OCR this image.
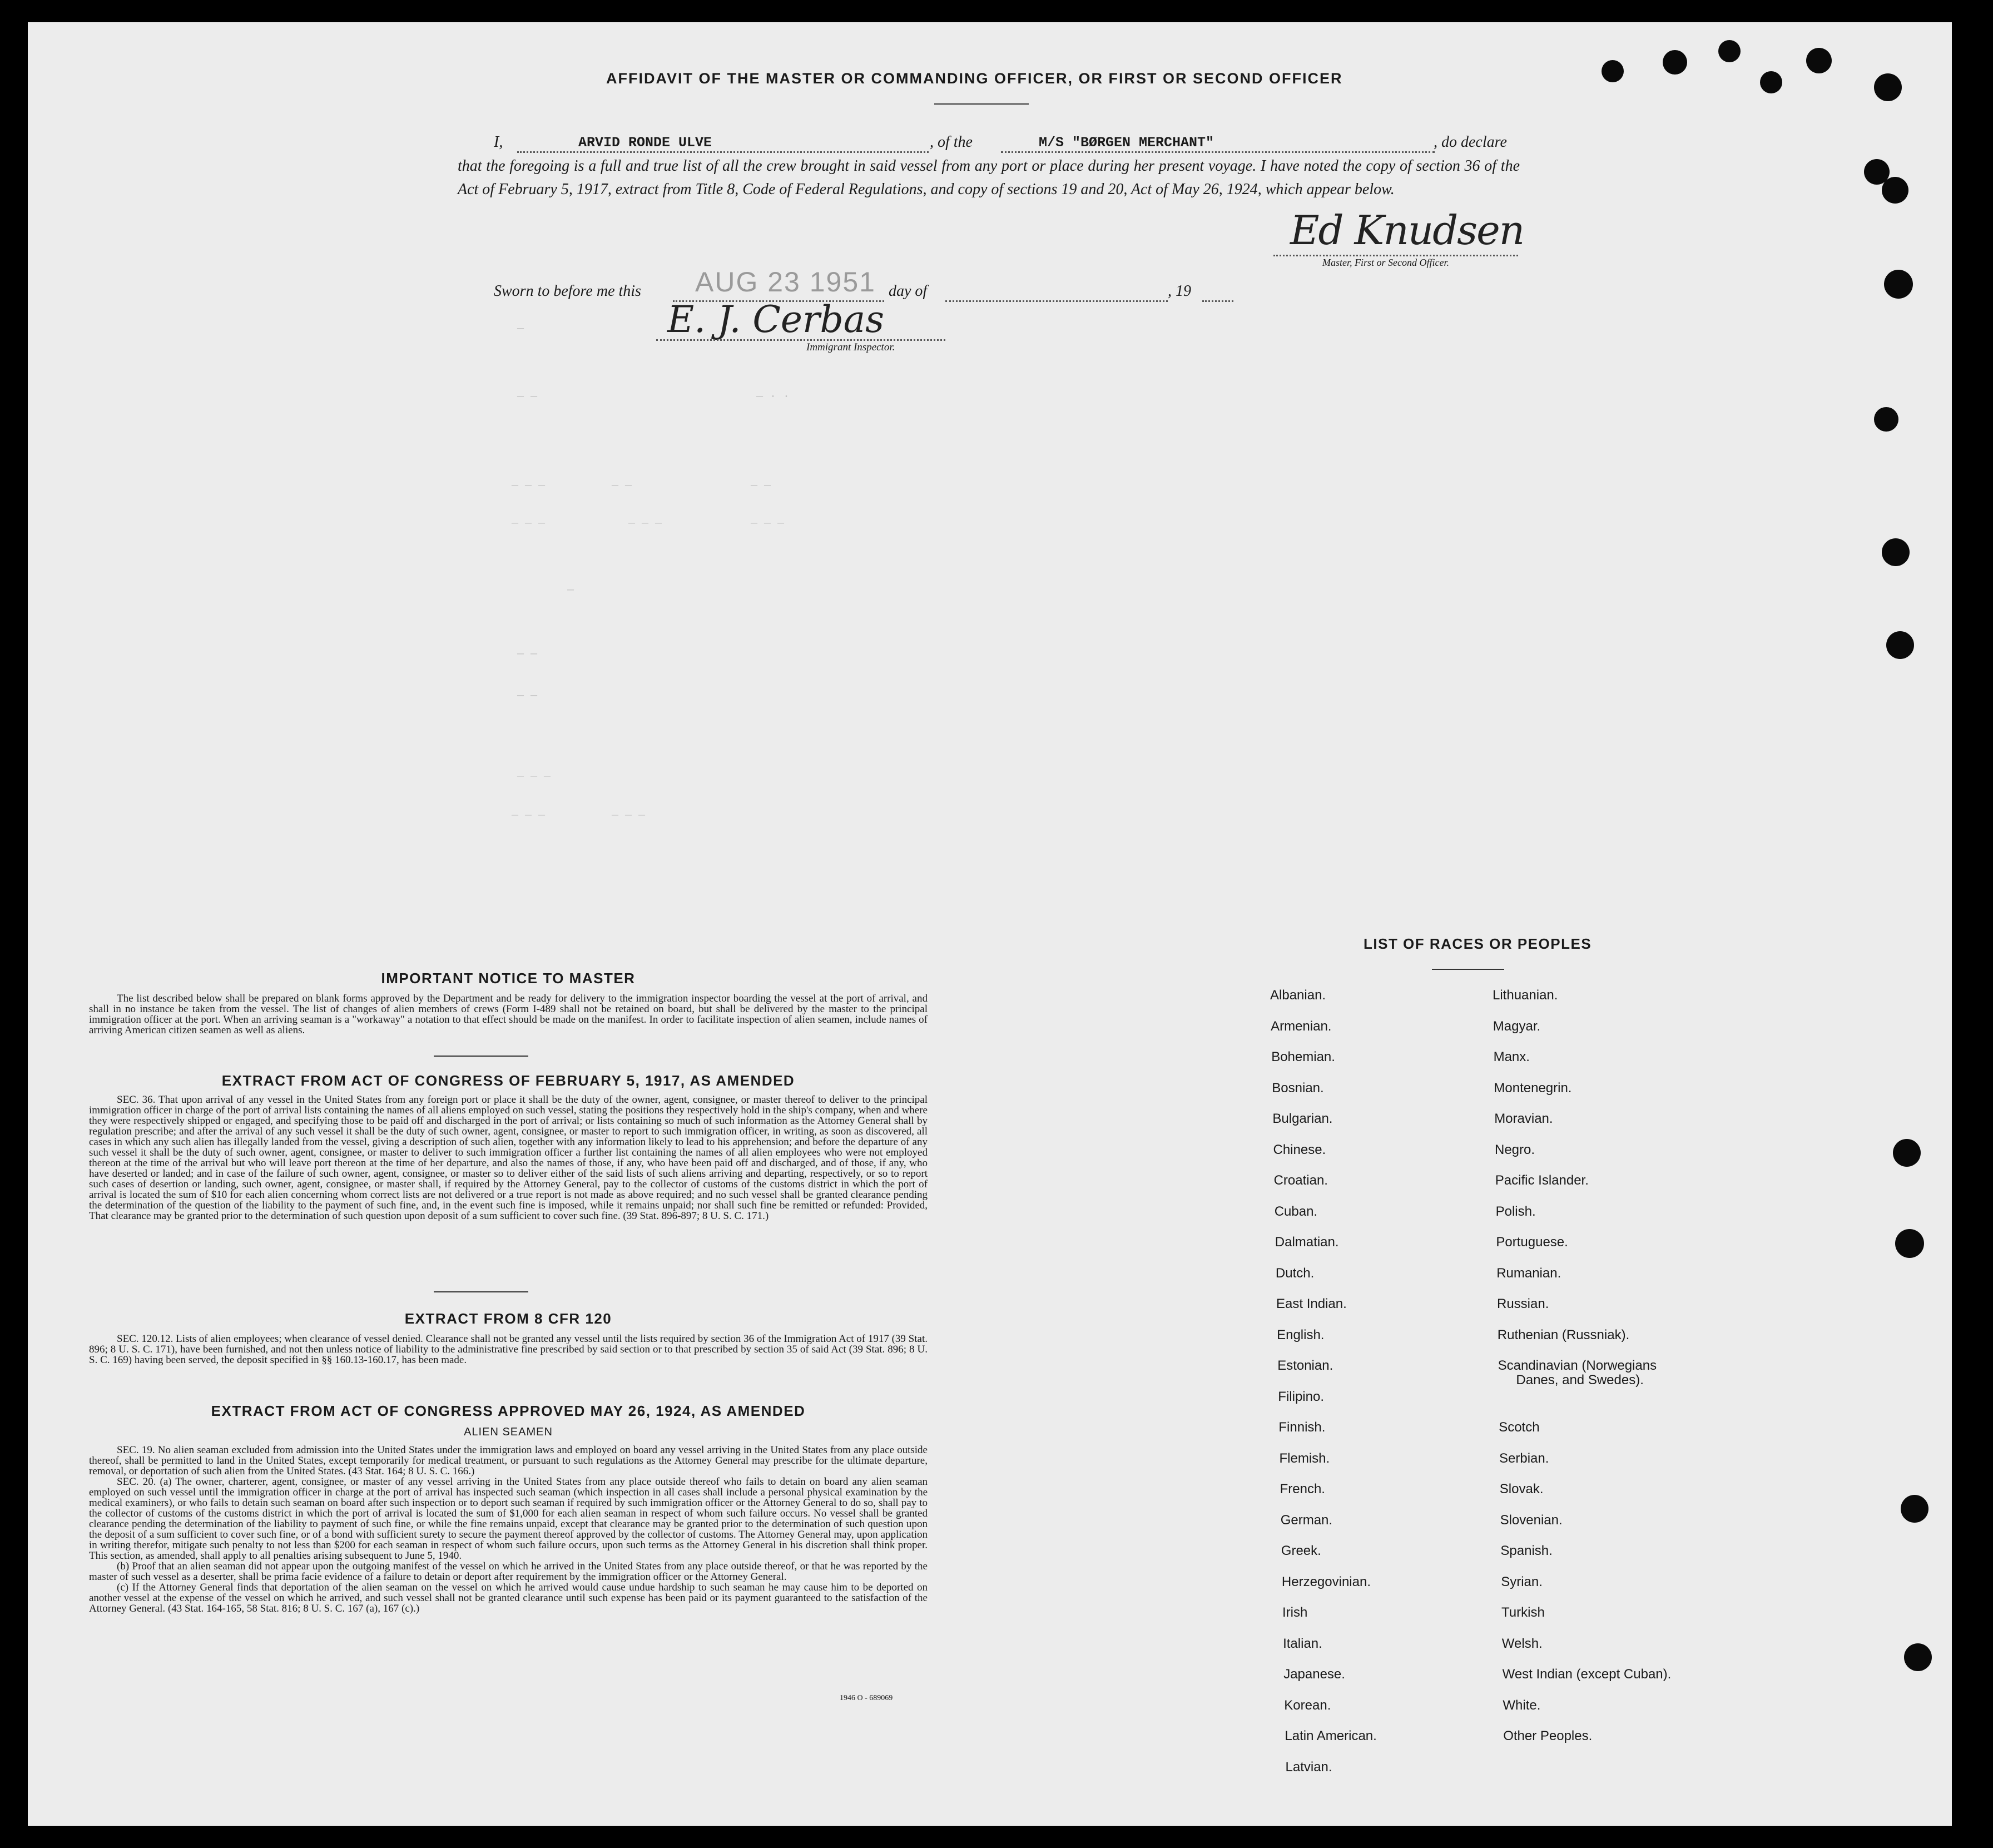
AFFIDAVIT OF THE MASTER OR COMMANDING OFFICER, OR FIRST OR SECOND OFFICER
I,	ARVID RONDE ULVE	, of the	M/S "BØRGEN MERCHANT"	, do declare
that the foregoing is a full and true list of all the crew brought in said vessel from any port or place during her present voyage. I have noted the copy of section 36 of the Act of February 5, 1917, extract from Title 8, Code of Federal Regulations, and copy of sections 19 and 20, Act of May 26, 1924, which appear below.
Ed Knudsen
Master, First or Second Officer.
Sworn to before me this AUG 23 1951 day of	, 19
E. J. Cerbas
Immigrant Inspector.
—
— —	— · ·
— — —	— —	— —
— — —	— — —	— — —
—
— —
— —
— — —
— — —	— — —
IMPORTANT NOTICE TO MASTER
The list described below shall be prepared on blank forms approved by the Department and be ready for delivery to the immigration inspector boarding the vessel at the port of arrival, and shall in no instance be taken from the vessel. The list of changes of alien members of crews (Form I-489 shall not be retained on board, but shall be delivered by the master to the principal immigration officer at the port. When an arriving seaman is a "workaway" a notation to that effect should be made on the manifest. In order to facilitate inspection of alien seamen, include names of arriving American citizen seamen as well as aliens.
EXTRACT FROM ACT OF CONGRESS OF FEBRUARY 5, 1917, AS AMENDED
SEC. 36. That upon arrival of any vessel in the United States from any foreign port or place it shall be the duty of the owner, agent, consignee, or master thereof to deliver to the principal immigration officer in charge of the port of arrival lists containing the names of all aliens employed on such vessel, stating the positions they respectively hold in the ship's company, when and where they were respectively shipped or engaged, and specifying those to be paid off and discharged in the port of arrival; or lists containing so much of such information as the Attorney General shall by regulation prescribe; and after the arrival of any such vessel it shall be the duty of such owner, agent, consignee, or master to report to such immigration officer, in writing, as soon as discovered, all cases in which any such alien has illegally landed from the vessel, giving a description of such alien, together with any information likely to lead to his apprehension; and before the departure of any such vessel it shall be the duty of such owner, agent, consignee, or master to deliver to such immigration officer a further list containing the names of all alien employees who were not employed thereon at the time of the arrival but who will leave port thereon at the time of her departure, and also the names of those, if any, who have been paid off and discharged, and of those, if any, who have deserted or landed; and in case of the failure of such owner, agent, consignee, or master so to deliver either of the said lists of such aliens arriving and departing, respectively, or so to report such cases of desertion or landing, such owner, agent, consignee, or master shall, if required by the Attorney General, pay to the collector of customs of the customs district in which the port of arrival is located the sum of $10 for each alien concerning whom correct lists are not delivered or a true report is not made as above required; and no such vessel shall be granted clearance pending the determination of the question of the liability to the payment of such fine, and, in the event such fine is imposed, while it remains unpaid; nor shall such fine be remitted or refunded: Provided, That clearance may be granted prior to the determination of such question upon deposit of a sum sufficient to cover such fine. (39 Stat. 896-897; 8 U. S. C. 171.)
EXTRACT FROM 8 CFR 120
SEC. 120.12. Lists of alien employees; when clearance of vessel denied. Clearance shall not be granted any vessel until the lists required by section 36 of the Immigration Act of 1917 (39 Stat. 896; 8 U. S. C. 171), have been furnished, and not then unless notice of liability to the administrative fine prescribed by said section or to that prescribed by section 35 of said Act (39 Stat. 896; 8 U. S. C. 169) having been served, the deposit specified in §§ 160.13-160.17, has been made.
EXTRACT FROM ACT OF CONGRESS APPROVED MAY 26, 1924, AS AMENDED
ALIEN SEAMEN
SEC. 19. No alien seaman excluded from admission into the United States under the immigration laws and employed on board any vessel arriving in the United States from any place outside thereof, shall be permitted to land in the United States, except temporarily for medical treatment, or pursuant to such regulations as the Attorney General may prescribe for the ultimate departure, removal, or deportation of such alien from the United States. (43 Stat. 164; 8 U. S. C. 166.)
SEC. 20. (a) The owner, charterer, agent, consignee, or master of any vessel arriving in the United States from any place outside thereof who fails to detain on board any alien seaman employed on such vessel until the immigration officer in charge at the port of arrival has inspected such seaman (which inspection in all cases shall include a personal physical examination by the medical examiners), or who fails to detain such seaman on board after such inspection or to deport such seaman if required by such immigration officer or the Attorney General to do so, shall pay to the collector of customs of the customs district in which the port of arrival is located the sum of $1,000 for each alien seaman in respect of whom such failure occurs. No vessel shall be granted clearance pending the determination of the liability to payment of such fine, or while the fine remains unpaid, except that clearance may be granted prior to the determination of such question upon the deposit of a sum sufficient to cover such fine, or of a bond with sufficient surety to secure the payment thereof approved by the collector of customs. The Attorney General may, upon application in writing therefor, mitigate such penalty to not less than $200 for each seaman in respect of whom such failure occurs, upon such terms as the Attorney General in his discretion shall think proper. This section, as amended, shall apply to all penalties arising subsequent to June 5, 1940.
(b) Proof that an alien seaman did not appear upon the outgoing manifest of the vessel on which he arrived in the United States from any place outside thereof, or that he was reported by the master of such vessel as a deserter, shall be prima facie evidence of a failure to detain or deport after requirement by the immigration officer or the Attorney General.
(c) If the Attorney General finds that deportation of the alien seaman on the vessel on which he arrived would cause undue hardship to such seaman he may cause him to be deported on another vessel at the expense of the vessel on which he arrived, and such vessel shall not be granted clearance until such expense has been paid or its payment guaranteed to the satisfaction of the Attorney General. (43 Stat. 164-165, 58 Stat. 816; 8 U. S. C. 167 (a), 167 (c).)
1946 O - 689069
LIST OF RACES OR PEOPLES
Albanian.
Armenian.
Bohemian.
Bosnian.
Bulgarian.
Chinese.
Croatian.
Cuban.
Dalmatian.
Dutch.
East Indian.
English.
Estonian.
Filipino.
Finnish.
Flemish.
French.
German.
Greek.
Herzegovinian.
Irish
Italian.
Japanese.
Korean.
Latin American.
Latvian.
Lithuanian.
Magyar.
Manx.
Montenegrin.
Moravian.
Negro.
Pacific Islander.
Polish.
Portuguese.
Rumanian.
Russian.
Ruthenian (Russniak).
Scandinavian (Norwegians
Danes, and Swedes).
Scotch
Serbian.
Slovak.
Slovenian.
Spanish.
Syrian.
Turkish
Welsh.
West Indian (except Cuban).
White.
Other Peoples.
